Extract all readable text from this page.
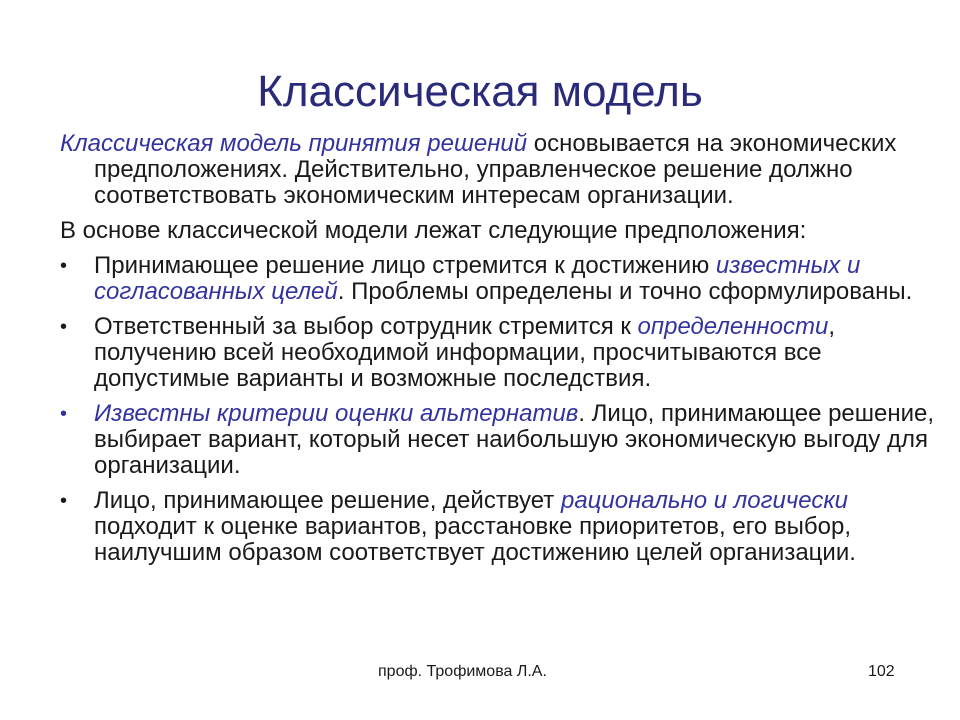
Классическая модель

Классическая модель принятия решений основывается на экономических предположениях. Действительно, управленческое решение должно соответствовать экономическим интересам организации.

В основе классической модели лежат следующие предположения:

•	Принимающее решение лицо стремится к достижению известных и согласованных целей. Проблемы определены и точно сформулированы.
•	Ответственный за выбор сотрудник стремится к определенности, получению всей необходимой информации, просчитываются все допустимые варианты и возможные последствия.
•	Известны критерии оценки альтернатив. Лицо, принимающее решение, выбирает вариант, который несет наибольшую экономическую выгоду для организации.
•	Лицо, принимающее решение, действует рационально и логически подходит к оценке вариантов, расстановке приоритетов, его выбор, наилучшим образом соответствует достижению целей организации.
проф. Трофимова Л.А.	102
